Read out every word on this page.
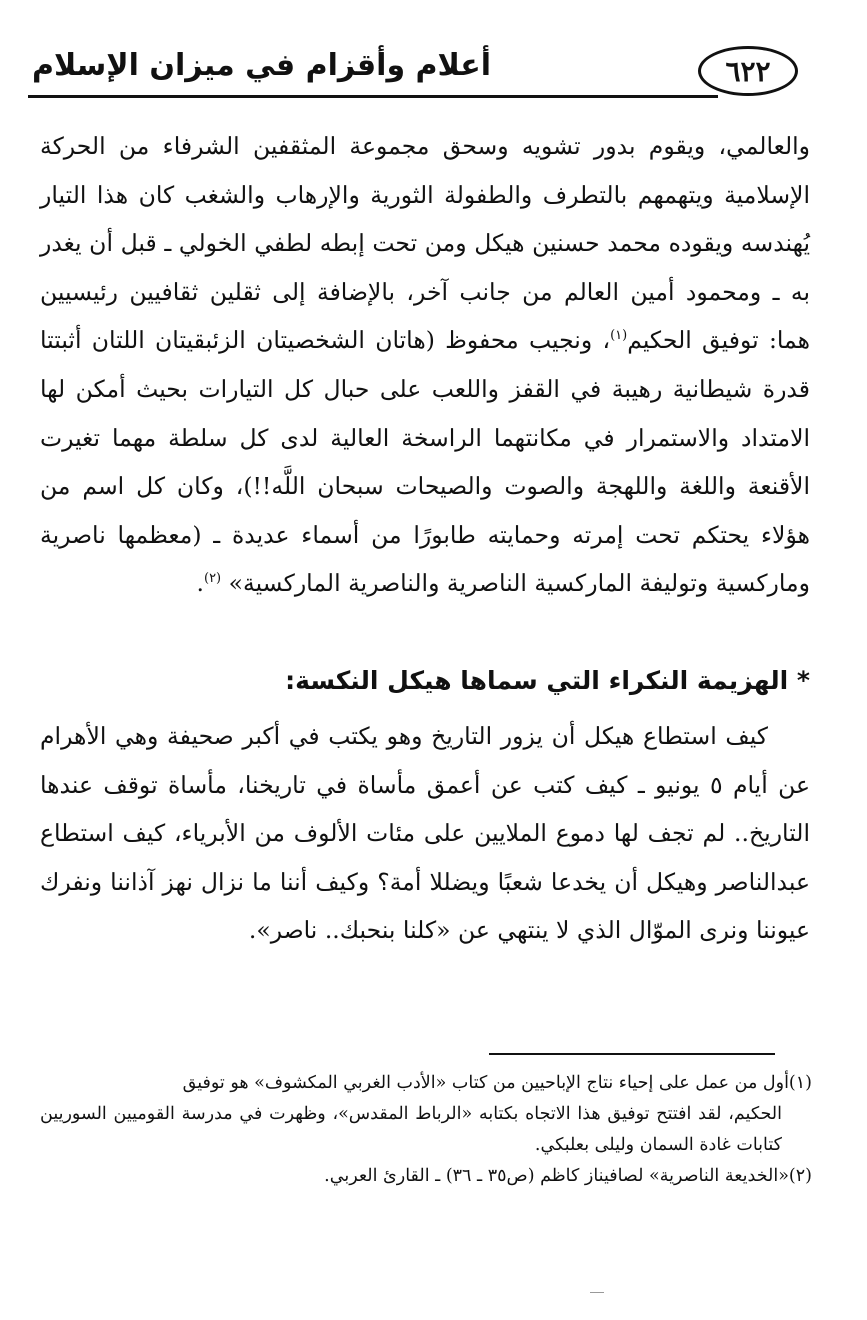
٦٢٢
أعلام وأقزام في ميزان الإسلام

والعالمي، ويقوم بدور تشويه وسحق مجموعة المثقفين الشرفاء من الحركة الإسلامية ويتهمهم بالتطرف والطفولة الثورية والإرهاب والشغب كان هذا التيار يُهندسه ويقوده محمد حسنين هيكل ومن تحت إبطه لطفي الخولي ـ قبل أن يغدر به ـ ومحمود أمين العالم من جانب آخر، بالإضافة إلى ثقلين ثقافيين رئيسيين هما: توفيق الحكيم$^{(١)}$، ونجيب محفوظ (هاتان الشخصيتان الزئبقيتان اللتان أثبتتا قدرة شيطانية رهيبة في القفز واللعب على حبال كل التيارات بحيث أمكن لها الامتداد والاستمرار في مكانتهما الراسخة العالية لدى كل سلطة مهما تغيرت الأقنعة واللغة واللهجة والصوت والصيحات سبحان اللَّه!!)، وكان كل اسم من هؤلاء يحتكم تحت إمرته وحمايته طابورًا من أسماء عديدة ـ (معظمها ناصرية وماركسية وتوليفة الماركسية الناصرية والناصرية الماركسية» $^{(٢)}$.

* الهزيمة النكراء التي سماها هيكل النكسة:

كيف استطاع هيكل أن يزور التاريخ وهو يكتب في أكبر صحيفة وهي الأهرام عن أيام ٥ يونيو ـ كيف كتب عن أعمق مأساة في تاريخنا، مأساة توقف عندها التاريخ.. لم تجف لها دموع الملايين على مئات الألوف من الأبرياء، كيف استطاع عبدالناصر وهيكل أن يخدعا شعبًا ويضللا أمة؟ وكيف أننا ما نزال نهز آذاننا ونفرك عيوننا ونرى الموّال الذي لا ينتهي عن «كلنا بنحبك.. ناصر».

(١)أول من عمل على إحياء نتاج الإباحيين من كتاب «الأدب الغربي المكشوف» هو توفيق

الحكيم، لقد افتتح توفيق هذا الاتجاه بكتابه «الرباط المقدس»، وظهرت في مدرسة القوميين السوريين كتابات غادة السمان وليلى بعلبكي.

(٢)«الخديعة الناصرية» لصافيناز كاظم (ص٣٥ ـ ٣٦) ـ القارئ العربي.
